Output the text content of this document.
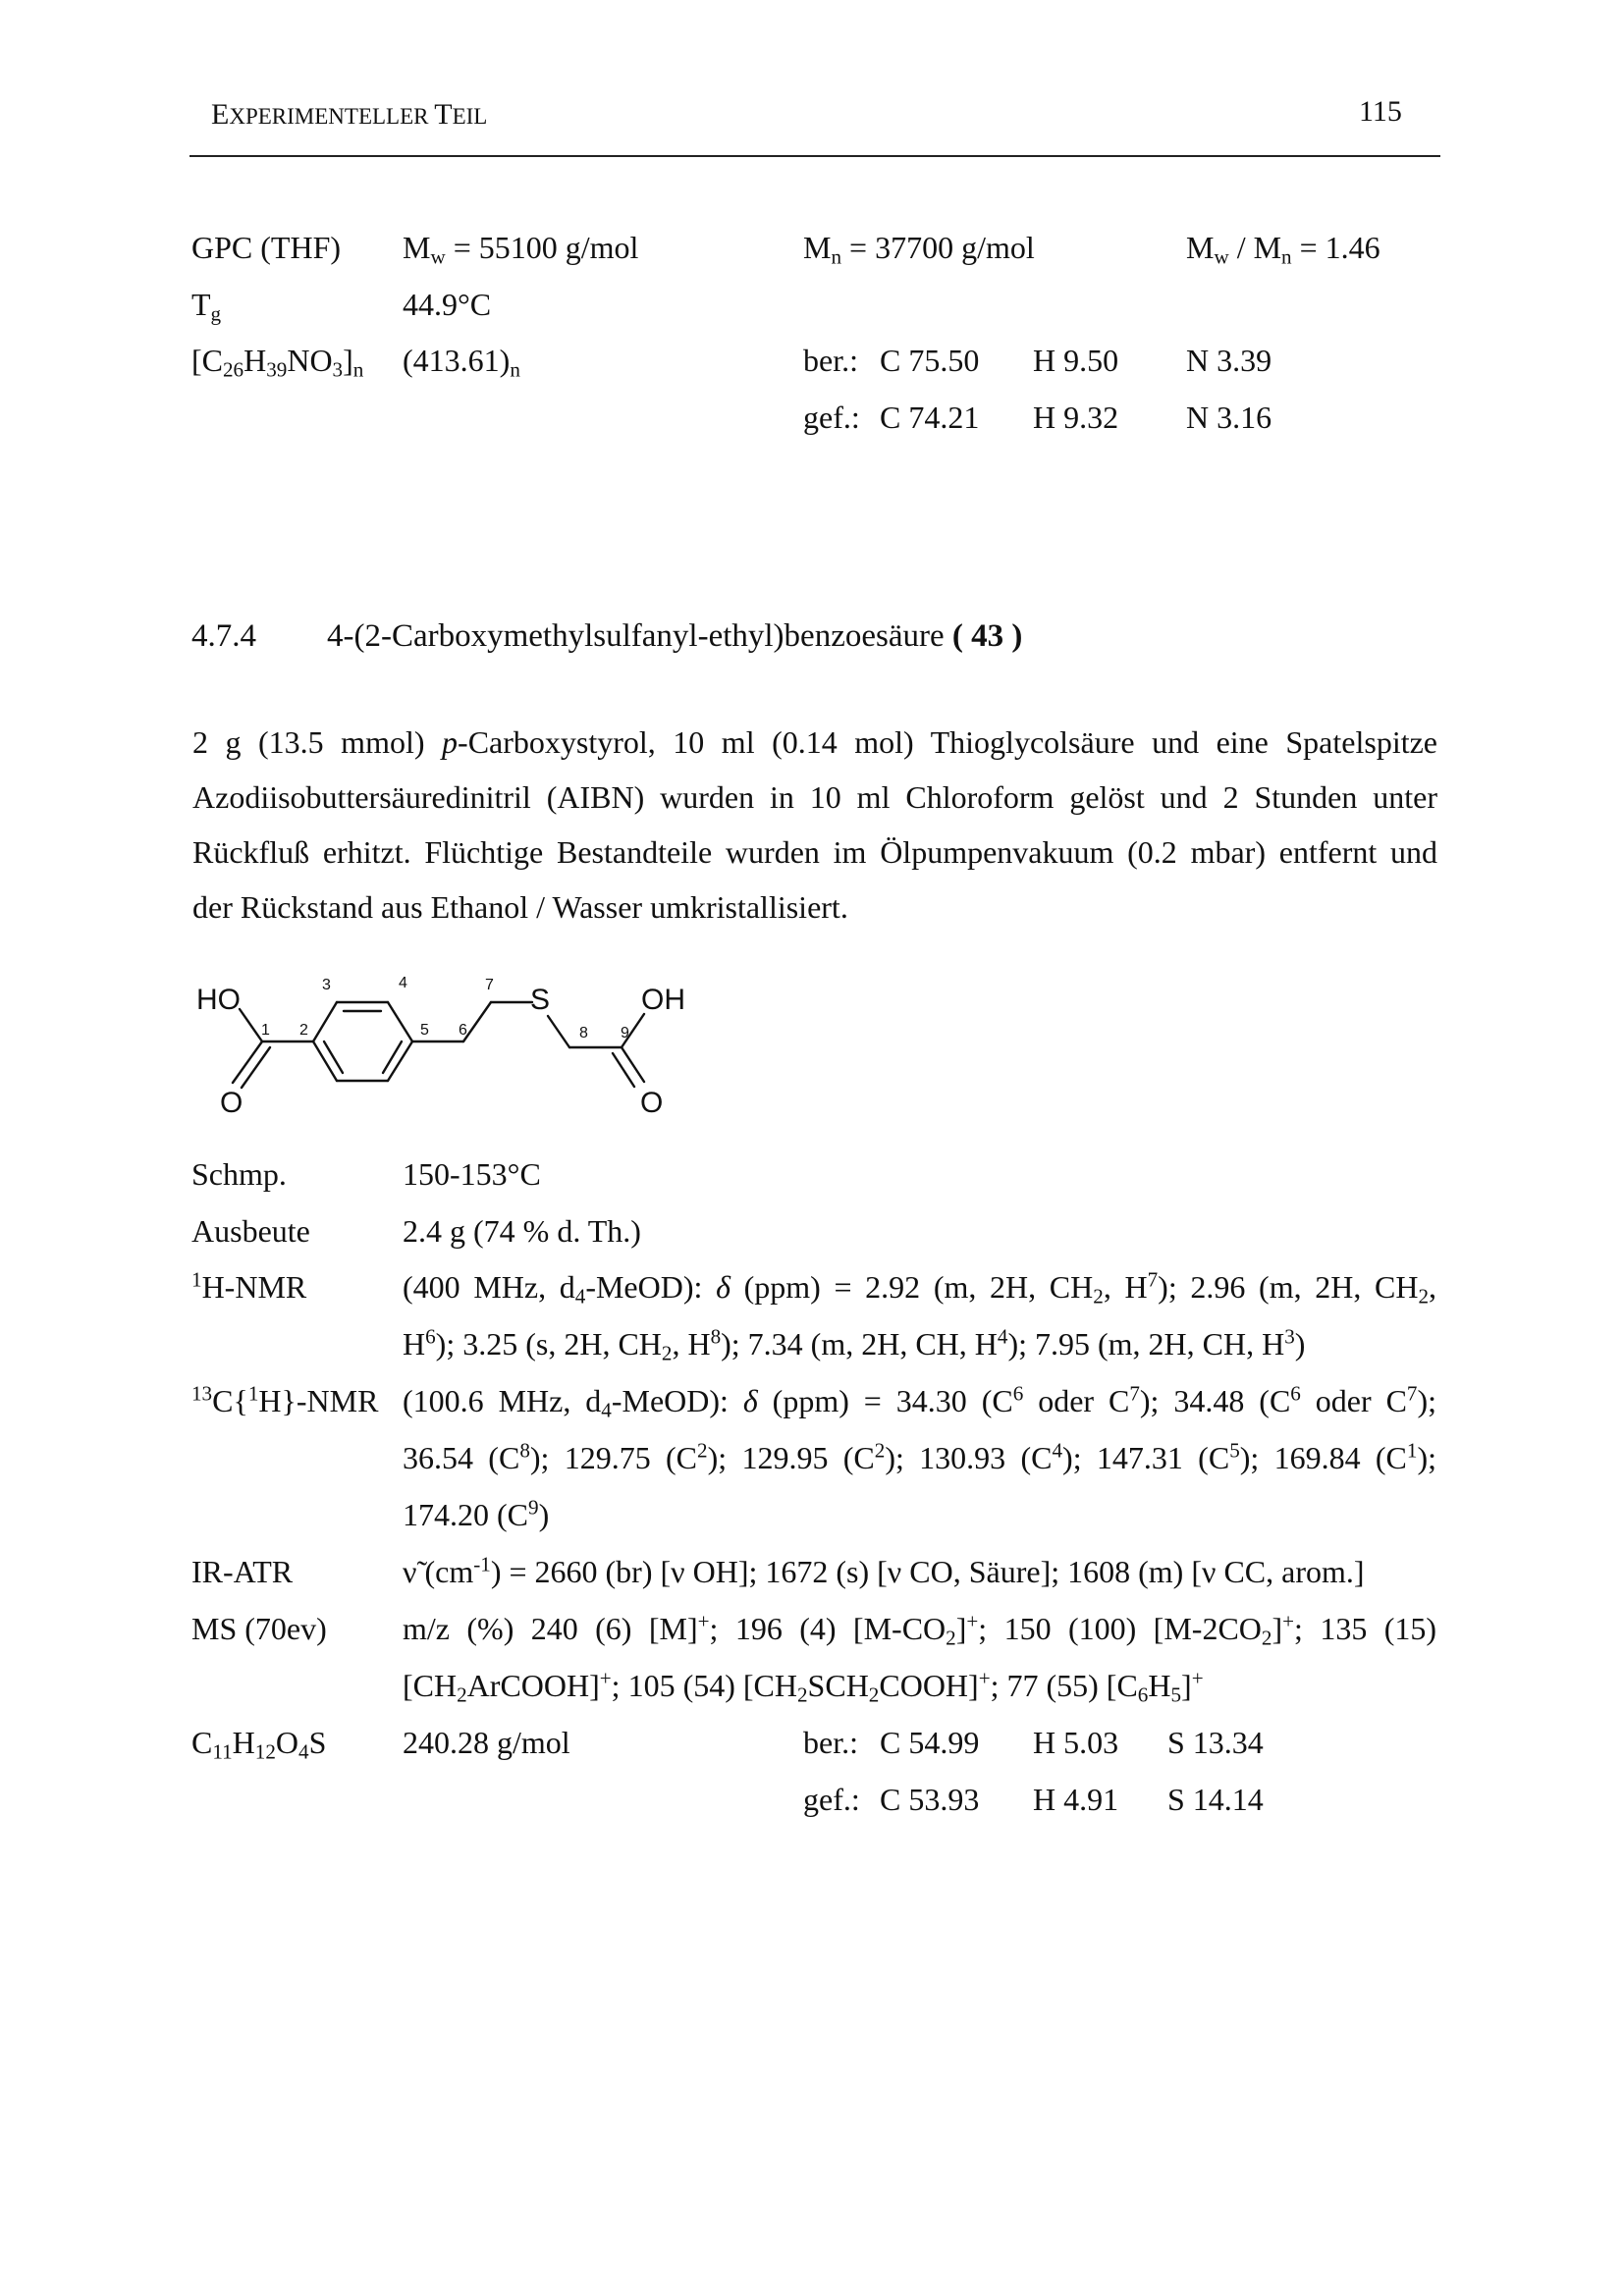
EXPERIMENTELLER TEIL	115
GPC (THF) $M_w = 55100$ g/mol	$M_n = 37700$ g/mol	$M_w / M_n = 1.46$
$T_g$	44.9°C
$[C_{26}H_{39}NO_3]_n$ $(413.61)_n$	ber.: C 75.50 H 9.50 N 3.39
gef.: C 74.21 H 9.32 N 3.16
4.7.4 4-(2-Carboxymethylsulfanyl-ethyl)benzoesäure ( 43 )
2 g (13.5 mmol) p-Carboxystyrol, 10 ml (0.14 mol) Thioglycolsäure und eine Spatelspitze
Azodiisobuttersäuredinitril (AIBN) wurden in 10 ml Chloroform gelöst und 2 Stunden unter
Rückfluß erhitzt. Flüchtige Bestandteile wurden im Ölpumpenvakuum (0.2 mbar) entfernt und
der Rückstand aus Ethanol / Wasser umkristallisiert.
HO
O
S	OH
O
1 2
3	4
5 6
7
8 9
Schmp.	150-153°C
Ausbeute	2.4 g (74 % d. Th.)
$^1$H-NMR	(400 MHz, $d_4-MeOD$): δ (ppm) = 2.92 (m, 2H, $CH_2$, $H^7$); 2.96 (m, 2H, $CH_2$,
$H^6$); 3.25 (s, 2H, $CH_2$, $H^8$); 7.34 (m, 2H, CH, $H^4$); 7.95 (m, 2H, CH, $H^3$)
$^{13}$C{$^1$H}-NMR (100.6 MHz, $d_4-MeOD$): δ (ppm) = 34.30 ($C^6$ oder $C^7$); 34.48 ($C^6$ oder $C^7$);
36.54 $(C^8)$; 129.75 $(C^2)$; 129.95 $(C^2)$; 130.93 $(C^4)$; 147.31 $(C^5)$; 169.84 $(C^1)$;
174.20 $(C^9)$
IR-ATR	ν̃ $(cm^{-1}) = 2660$ (br) [ν OH]; 1672 (s) [ν CO, Säure]; 1608 (m) [ν CC, arom.]
MS (70ev) m/z (%) 240 (6) [M]+; 196 (4) $[M-CO_2]^+$; 150 (100) $[M-2CO_2]^+$; 135 (15)
$[CH_2ArCOOH]^+$; 105 (54) $[CH_2SCH_2COOH]^+$; 77 (55) $[C_6H_5]^+$
$C_{11}H_{12}O_4S$ 240.28 g/mol	ber.: C 54.99 H 5.03 S 13.34
gef.: C 53.93 H 4.91 S 14.14
